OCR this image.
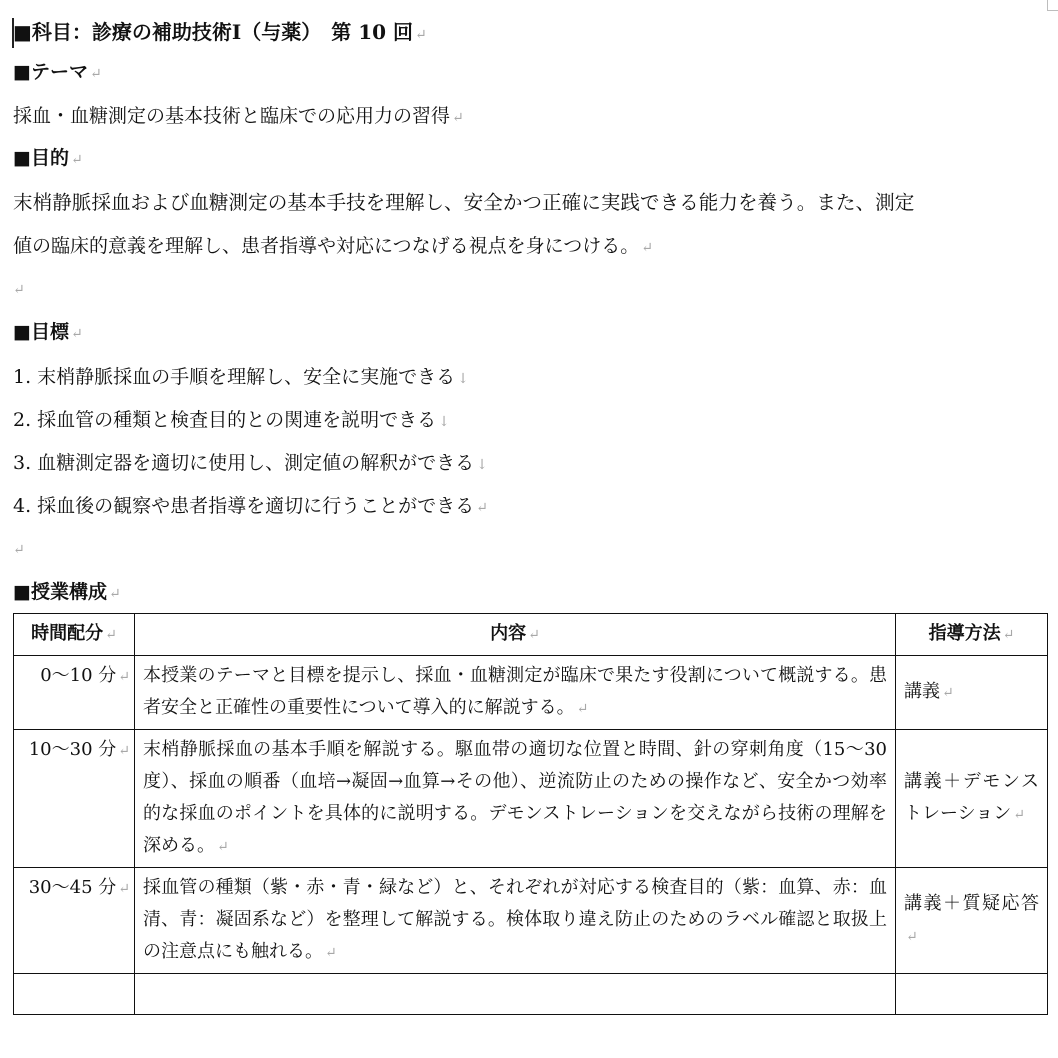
■科目：診療の補助技術Ⅰ（与薬）　第 10 回 ↵
■テーマ ↵
採血・血糖測定の基本技術と臨床での応用力の習得 ↵
■目的 ↵
末梢静脈採血および血糖測定の基本手技を理解し、安全かつ正確に実践できる能力を養う。また、測定
値の臨床的意義を理解し、患者指導や対応につなげる視点を身につける。 ↵
↵
■目標 ↵
1. 末梢静脈採血の手順を理解し、安全に実施できる ↓
2. 採血管の種類と検査目的との関連を説明できる ↓
3. 血糖測定器を適切に使用し、測定値の解釈ができる ↓
4. 採血後の観察や患者指導を適切に行うことができる ↵
↵
■授業構成 ↵
時間配分 ↵	内容 ↵	指導方法 ↵
0〜10 分 ↵	本授業のテーマと目標を提示し、採血・血糖測定が臨床で果たす役割について概説する。患者安全と正確性の重要性について導入的に解説する。 ↵	講義 ↵
10〜30 分 ↵	末梢静脈採血の基本手順を解説する。駆血帯の適切な位置と時間、針の穿刺角度（15〜30 度）、採血の順番（血培→凝固→血算→その他）、逆流防止のための操作など、安全かつ効率的な採血のポイントを具体的に説明する。デモンストレーションを交えながら技術の理解を深める。 ↵	講義＋デモンストレーション ↵
30〜45 分 ↵	採血管の種類（紫・赤・青・緑など）と、それぞれが対応する検査目的（紫：血算、赤：血清、青：凝固系など）を整理して解説する。検体取り違え防止のためのラベル確認と取扱上の注意点にも触れる。 ↵	講義＋質疑応答↵
